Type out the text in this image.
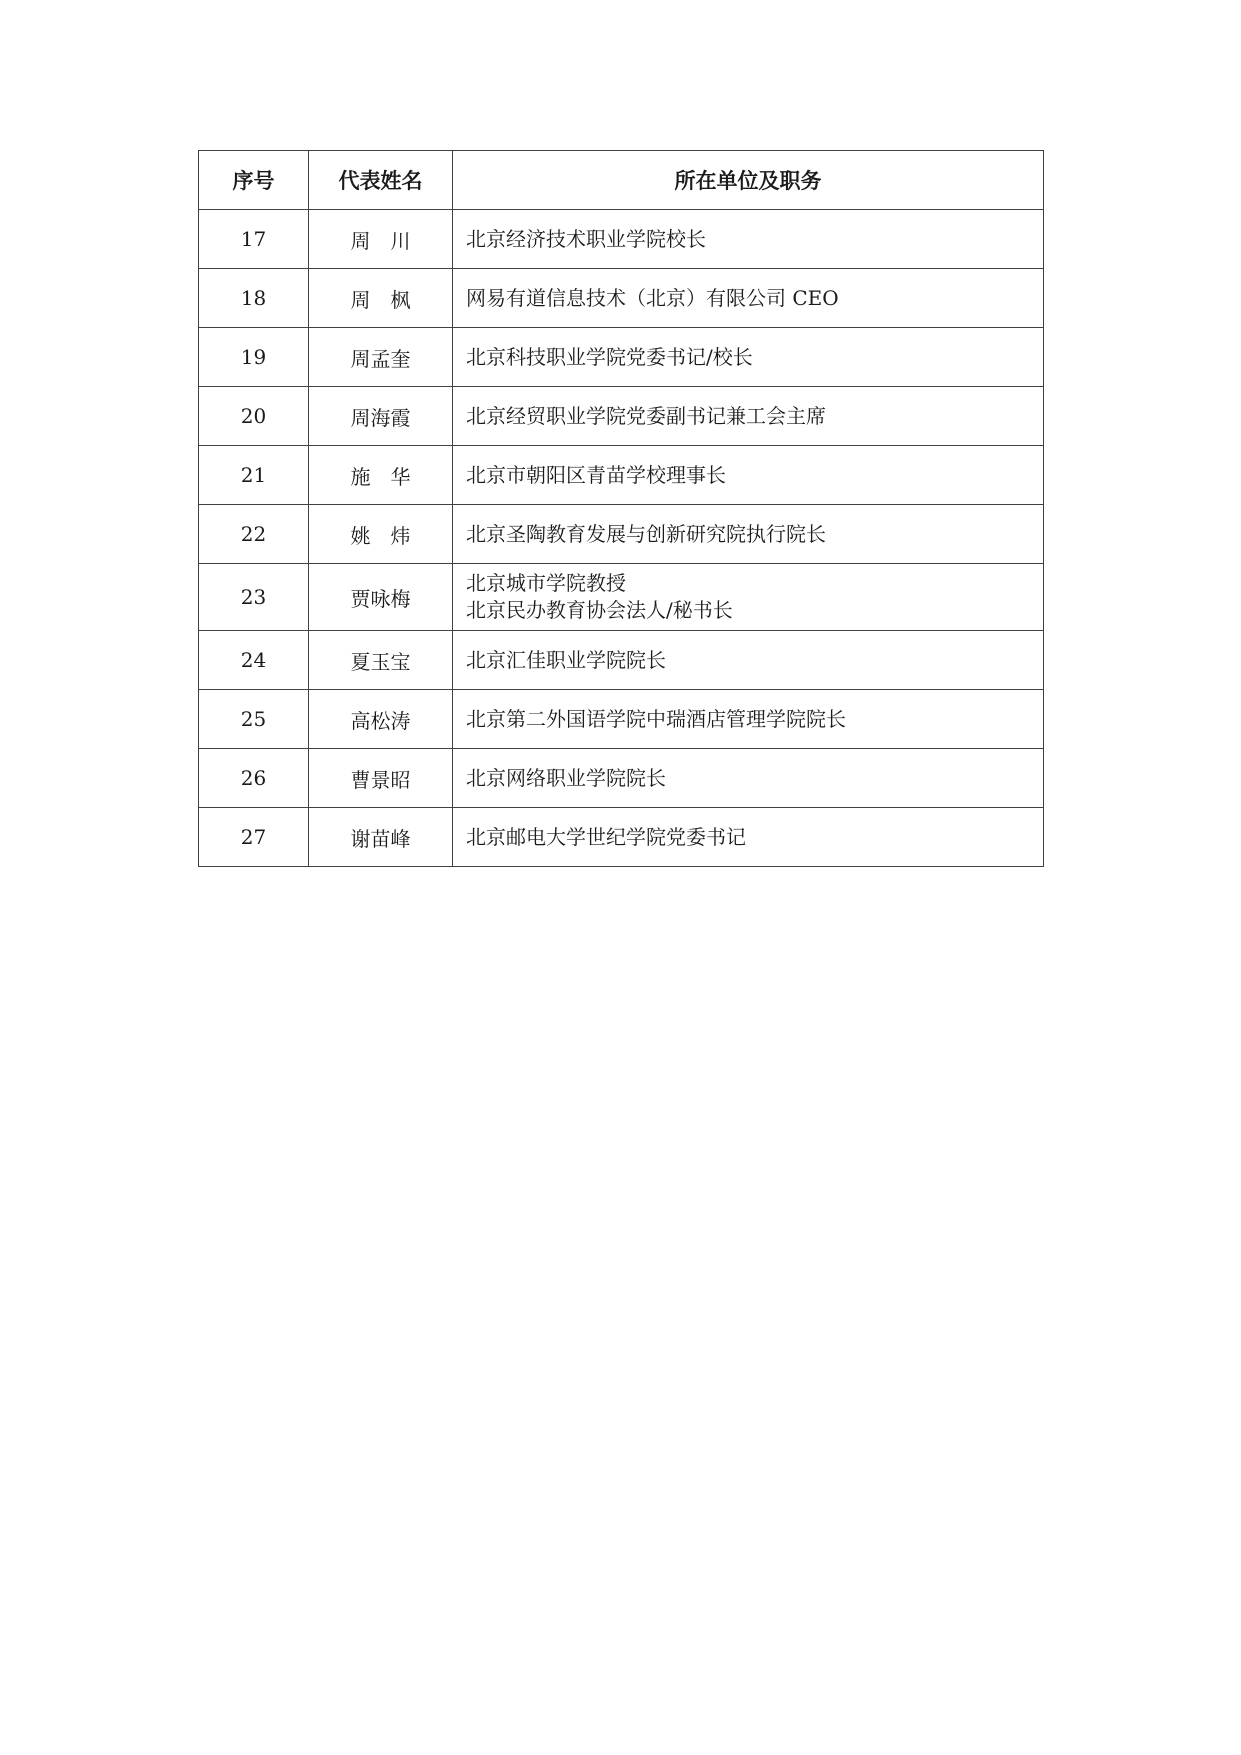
序号	代表姓名	所在单位及职务
17	周　川	北京经济技术职业学院校长

18	周　枫	网易有道信息技术（北京）有限公司 CEO

19	周孟奎	北京科技职业学院党委书记/校长

20	周海霞	北京经贸职业学院党委副书记兼工会主席

21	施　华	北京市朝阳区青苗学校理事长

22	姚　炜	北京圣陶教育发展与创新研究院执行院长

23	贾咏梅	北京城市学院教授
北京民办教育协会法人/秘书长

24	夏玉宝	北京汇佳职业学院院长

25	高松涛	北京第二外国语学院中瑞酒店管理学院院长

26	曹景昭	北京网络职业学院院长

27	谢苗峰	北京邮电大学世纪学院党委书记
